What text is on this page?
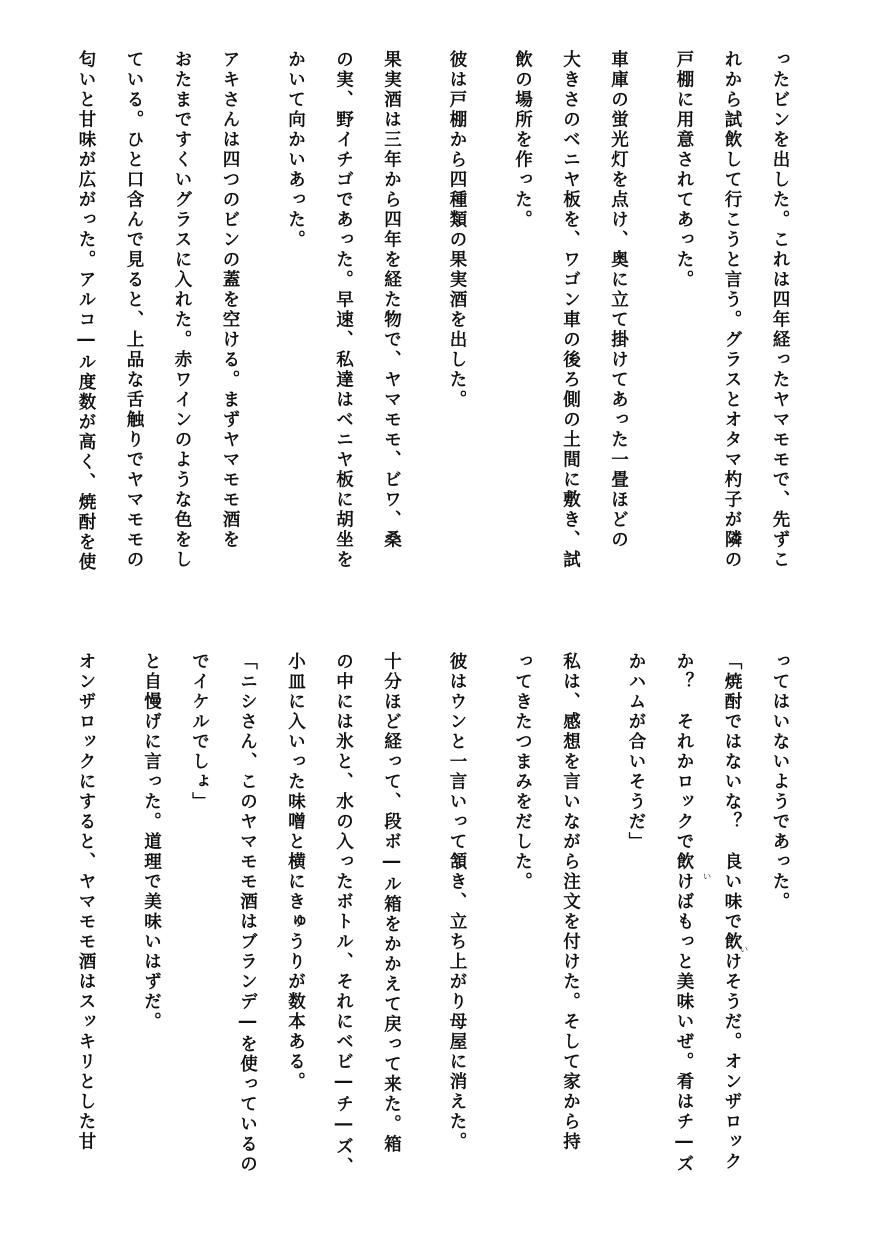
ったビンを出した。これは四年経ったヤマモモで、先ずこ
れから試飲して行こうと言う。グラスとオタマ杓子が隣の
戸棚に用意されてあった。
車庫の蛍光灯を点け、奥に立て掛けてあった一畳ほどの
大きさのベニヤ板を、ワゴン車の後ろ側の土間に敷き、試
飲の場所を作った。
彼は戸棚から四種類の果実酒を出した。
果実酒は三年から四年を経た物で、ヤマモモ、ビワ、桑
の実、野イチゴであった。早速、私達はベニヤ板に胡坐を
かいて向かいあった。
アキさんは四つのビンの蓋を空ける。まずヤマモモ酒を
おたまですくいグラスに入れた。赤ワインのような色をし
ている。ひと口含んで見ると、上品な舌触りでヤマモモの
匂いと甘味が広がった。アルコ―ル度数が高く、焼酎を使
ってはいないようであった。
「焼酎ではないな？　良い味で飲けそうだ。オンザロック
か？　それかロックで飲けばもっと美味いぜ。肴はチ―ズ
かハムが合いそうだ」
私は、感想を言いながら注文を付けた。そして家から持
ってきたつまみをだした。
彼はウンと一言いって頷き、立ち上がり母屋に消えた。
十分ほど経って、段ボ―ル箱をかかえて戻って来た。箱
の中には氷と、水の入ったボトル、それにベビ―チ―ズ、
小皿に入いった味噌と横にきゅうりが数本ある。
「ニシさん、このヤマモモ酒はブランデ―を使っているの
でイケルでしょ」
と自慢げに言った。道理で美味いはずだ。
オンザロックにすると、ヤマモモ酒はスッキリとした甘	い
い
